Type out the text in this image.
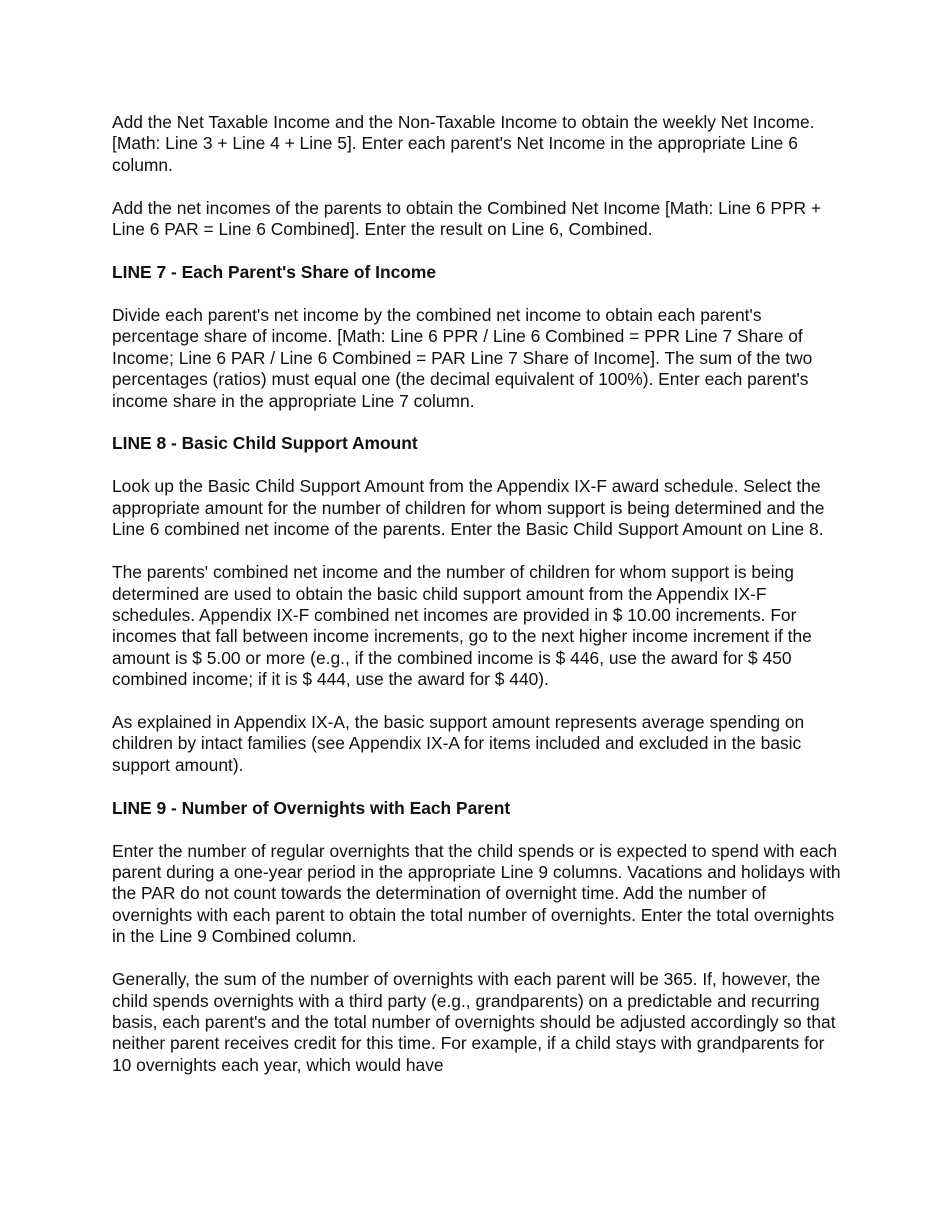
Add the Net Taxable Income and the Non-Taxable Income to obtain the weekly Net Income. [Math: Line 3 + Line 4 + Line 5]. Enter each parent's Net Income in the appropriate Line 6 column.

Add the net incomes of the parents to obtain the Combined Net Income [Math: Line 6 PPR + Line 6 PAR = Line 6 Combined]. Enter the result on Line 6, Combined.

LINE 7 - Each Parent's Share of Income

Divide each parent's net income by the combined net income to obtain each parent's percentage share of income. [Math: Line 6 PPR / Line 6 Combined = PPR Line 7 Share of Income; Line 6 PAR / Line 6 Combined = PAR Line 7 Share of Income]. The sum of the two percentages (ratios) must equal one (the decimal equivalent of 100%). Enter each parent's income share in the appropriate Line 7 column.

LINE 8 - Basic Child Support Amount

Look up the Basic Child Support Amount from the Appendix IX-F award schedule. Select the appropriate amount for the number of children for whom support is being determined and the Line 6 combined net income of the parents. Enter the Basic Child Support Amount on Line 8.

The parents' combined net income and the number of children for whom support is being determined are used to obtain the basic child support amount from the Appendix IX-F schedules. Appendix IX-F combined net incomes are provided in $ 10.00 increments. For incomes that fall between income increments, go to the next higher income increment if the amount is $ 5.00 or more (e.g., if the combined income is $ 446, use the award for $ 450 combined income; if it is $ 444, use the award for $ 440).

As explained in Appendix IX-A, the basic support amount represents average spending on children by intact families (see Appendix IX-A for items included and excluded in the basic support amount).

LINE 9 - Number of Overnights with Each Parent

Enter the number of regular overnights that the child spends or is expected to spend with each parent during a one-year period in the appropriate Line 9 columns. Vacations and holidays with the PAR do not count towards the determination of overnight time. Add the number of overnights with each parent to obtain the total number of overnights. Enter the total overnights in the Line 9 Combined column.

Generally, the sum of the number of overnights with each parent will be 365. If, however, the child spends overnights with a third party (e.g., grandparents) on a predictable and recurring basis, each parent's and the total number of overnights should be adjusted accordingly so that neither parent receives credit for this time. For example, if a child stays with grandparents for 10 overnights each year, which would have
